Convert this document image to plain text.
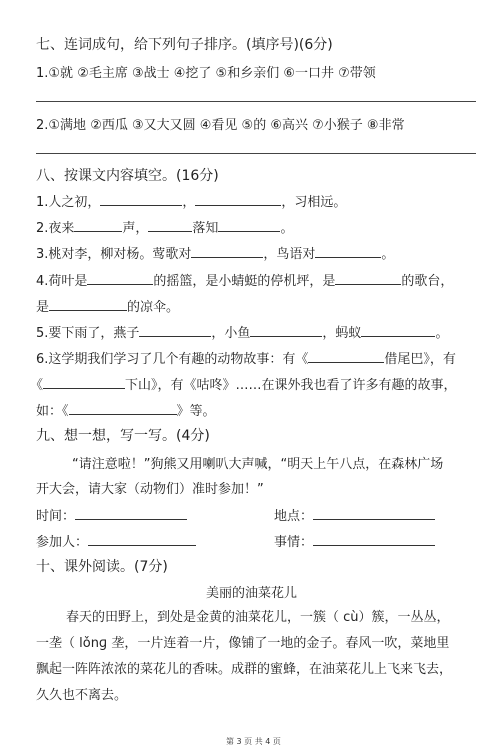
七、连词成句，给下列句子排序。(填序号)(6分)
1.①就 ②毛主席 ③战士 ④挖了 ⑤和乡亲们 ⑥一口井 ⑦带领
2.①满地 ②西瓜 ③又大又圆 ④看见 ⑤的 ⑥高兴 ⑦小猴子 ⑧非常
八、按课文内容填空。(16分)
1.人之初，	，	，习相远。
2.夜来	声，	落知	。
3.桃对李，柳对杨。莺歌对	，鸟语对	。
4.荷叶是	的摇篮，是小蜻蜓的停机坪，是	的歌台，
是	的凉伞。
5.要下雨了，燕子	，小鱼	，蚂蚁	。
6.这学期我们学习了几个有趣的动物故事：有《	借尾巴》，有
《	下山》，有《咕咚》……在课外我也看了许多有趣的故事，
如：《	》等。
九、想一想，写一写。(4分)
“请注意啦！”狗熊又用喇叭大声喊，“明天上午八点，在森林广场
开大会，请大家（动物们）准时参加！”
时间：	地点：
参加人：	事情：
十、课外阅读。(7分)
美丽的油菜花儿
春天的田野上，到处是金黄的油菜花儿，一簇（ cù）簇，一丛丛，
一垄（ lǒnɡ 垄，一片连着一片，像铺了一地的金子。春风一吹，菜地里
飘起一阵阵浓浓的菜花儿的香味。成群的蜜蜂，在油菜花儿上飞来飞去，
久久也不离去。
第 3 页 共 4 页
